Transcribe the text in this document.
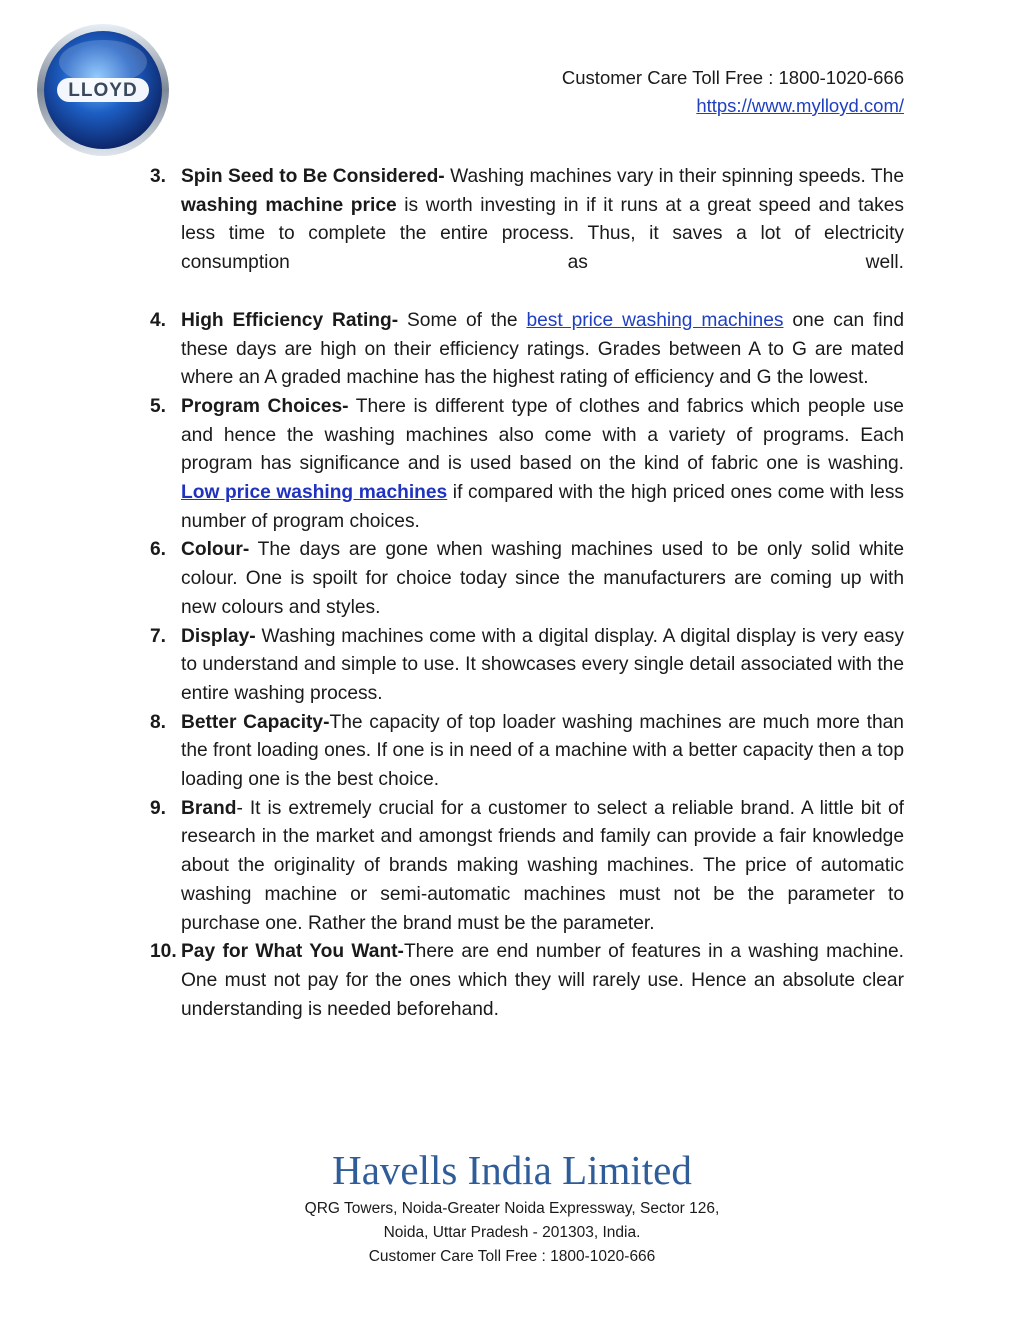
LLOYD
Customer Care Toll Free : 1800-1020-666
https://www.mylloyd.com/
3. Spin Seed to Be Considered- Washing machines vary in their spinning speeds. The washing machine price is worth investing in if it runs at a great speed and takes less time to complete the entire process. Thus, it saves a lot of electricity consumption as well.
4. High Efficiency Rating- Some of the best price washing machines one can find these days are high on their efficiency ratings. Grades between A to G are mated where an A graded machine has the highest rating of efficiency and G the lowest.
5. Program Choices- There is different type of clothes and fabrics which people use and hence the washing machines also come with a variety of programs. Each program has significance and is used based on the kind of fabric one is washing. Low price washing machines if compared with the high priced ones come with less number of program choices.
6. Colour- The days are gone when washing machines used to be only solid white colour. One is spoilt for choice today since the manufacturers are coming up with new colours and styles.
7. Display- Washing machines come with a digital display. A digital display is very easy to understand and simple to use. It showcases every single detail associated with the entire washing process.
8. Better Capacity-The capacity of top loader washing machines are much more than the front loading ones. If one is in need of a machine with a better capacity then a top loading one is the best choice.
9. Brand- It is extremely crucial for a customer to select a reliable brand. A little bit of research in the market and amongst friends and family can provide a fair knowledge about the originality of brands making washing machines. The price of automatic washing machine or semi-automatic machines must not be the parameter to purchase one. Rather the brand must be the parameter.
10. Pay for What You Want-There are end number of features in a washing machine. One must not pay for the ones which they will rarely use. Hence an absolute clear understanding is needed beforehand.
Havells India Limited
QRG Towers, Noida-Greater Noida Expressway, Sector 126,
Noida, Uttar Pradesh - 201303, India.
Customer Care Toll Free : 1800-1020-666
